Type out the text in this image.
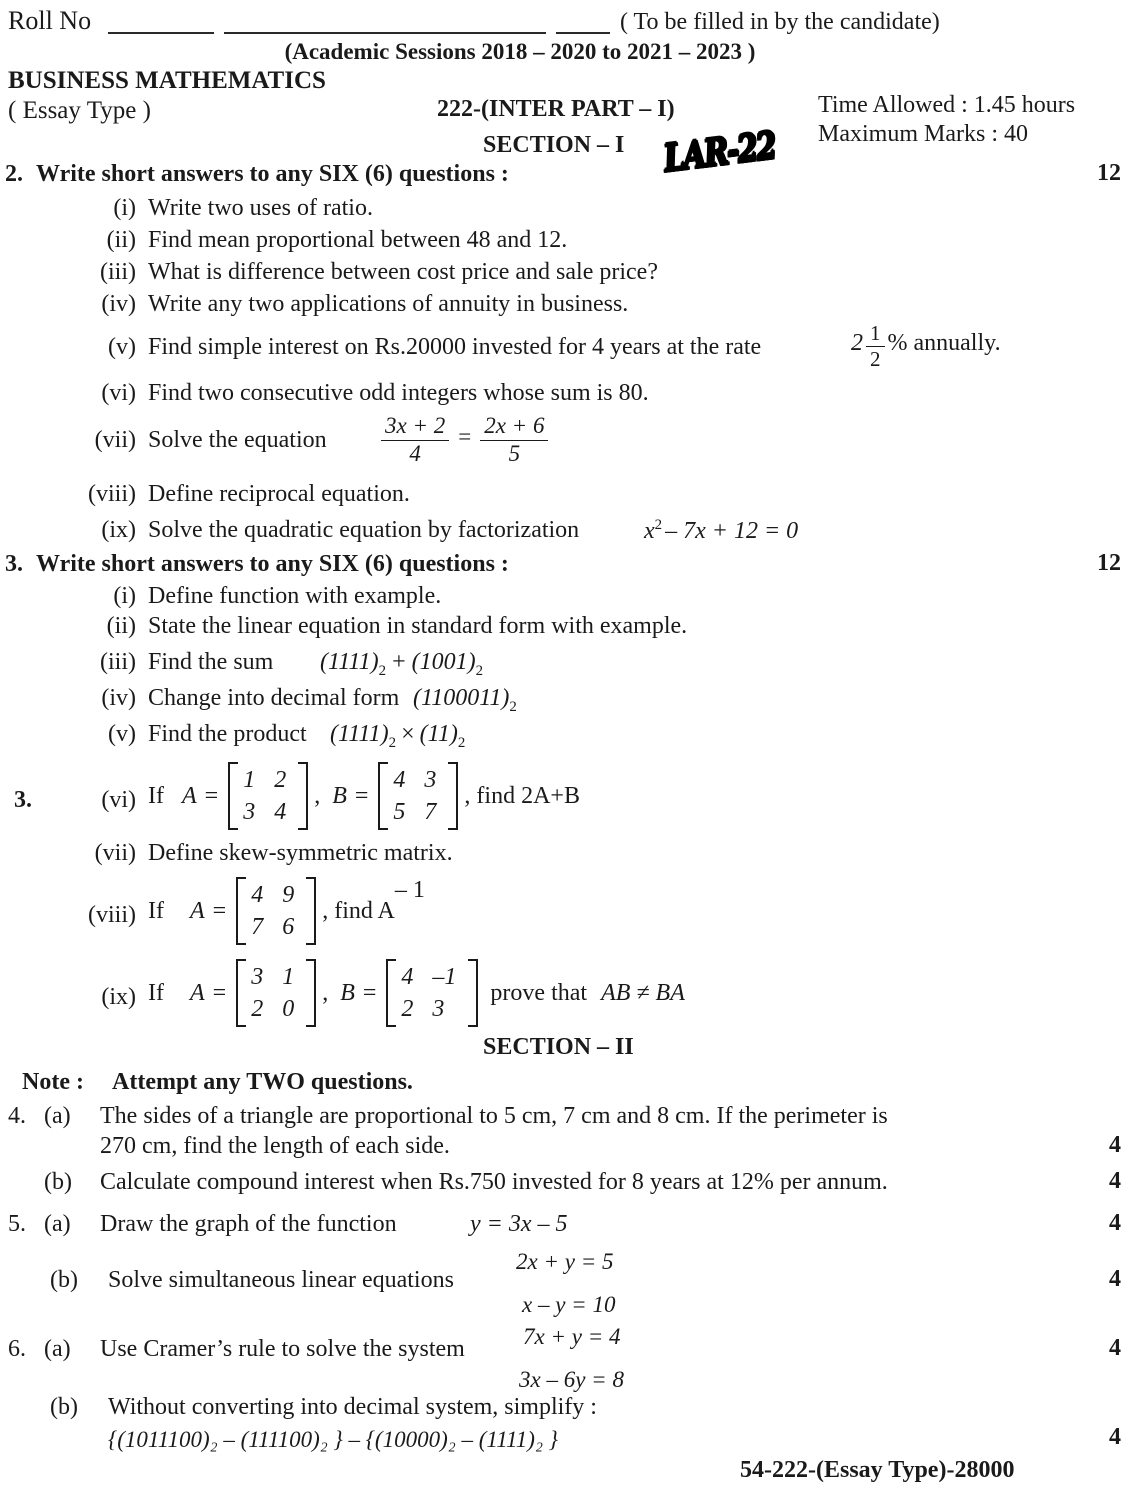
Roll No	( To be filled in by the candidate)
(Academic Sessions 2018 – 2020 to 2021 – 2023 )
BUSINESS MATHEMATICS
( Essay Type )	222-(INTER PART – I)	Time Allowed : 1.45 hours
Maximum Marks : 40
SECTION – I LAR-22
2. Write short answers to any SIX (6) questions :	12
(i) Write two uses of ratio.
(ii) Find mean proportional between 48 and 12.
(iii) What is difference between cost price and sale price?
(iv) Write any two applications of annuity in business.
(v) Find simple interest on Rs.20000 invested for 4 years at the rate	$2 \frac{1}{2}$ % annually.
(vi) Find two consecutive odd integers whose sum is 80.
(vii) Solve the equation $\frac{3x + 2}{4} = \frac{2x + 6}{5}$
(viii) Define reciprocal equation.
(ix) Solve the quadratic equation by factorization	$x^2 - 7x + 12 = 0$
3. Write short answers to any SIX (6) questions :	12
(i) Define function with example.
(ii) State the linear equation in standard form with example.
(iii) Find the sum $(1111)_2 + (1001)_2$
(iv) Change into decimal form $(1100011)_2$
(v) Find the product $(1111)_2 \times (11)_2$
3.	(vi) If A =
1	2
3	4
, B =
4	3
5	7
, find 2A+B
(vii) Define skew-symmetric matrix.
(viii) If A =
4	9
7	6
, find $A^{- 1}$
(ix) If A =
3	1
2	0
, B =
4	–1
2	3
prove that AB ≠ BA
SECTION – II
Note : Attempt any TWO questions.
4. (a) The sides of a triangle are proportional to 5 cm, 7 cm and 8 cm. If the perimeter is
270 cm, find the length of each side.	4
(b) Calculate compound interest when Rs.750 invested for 8 years at 12% per annum.	4
5. (a) Draw the graph of the function	y = 3x – 5	4
(b) Solve simultaneous linear equations
2x + y = 5
x – y = 10
4
6. (a) Use Cramer’s rule to solve the system	7x + y = 4
3x – 6y = 8
4
(b) Without converting into decimal system, simplify :
{(1011100)₂ – (111100)₂ } – {(10000)₂ – (1111)₂ }	4
54-222-(Essay Type)-28000
